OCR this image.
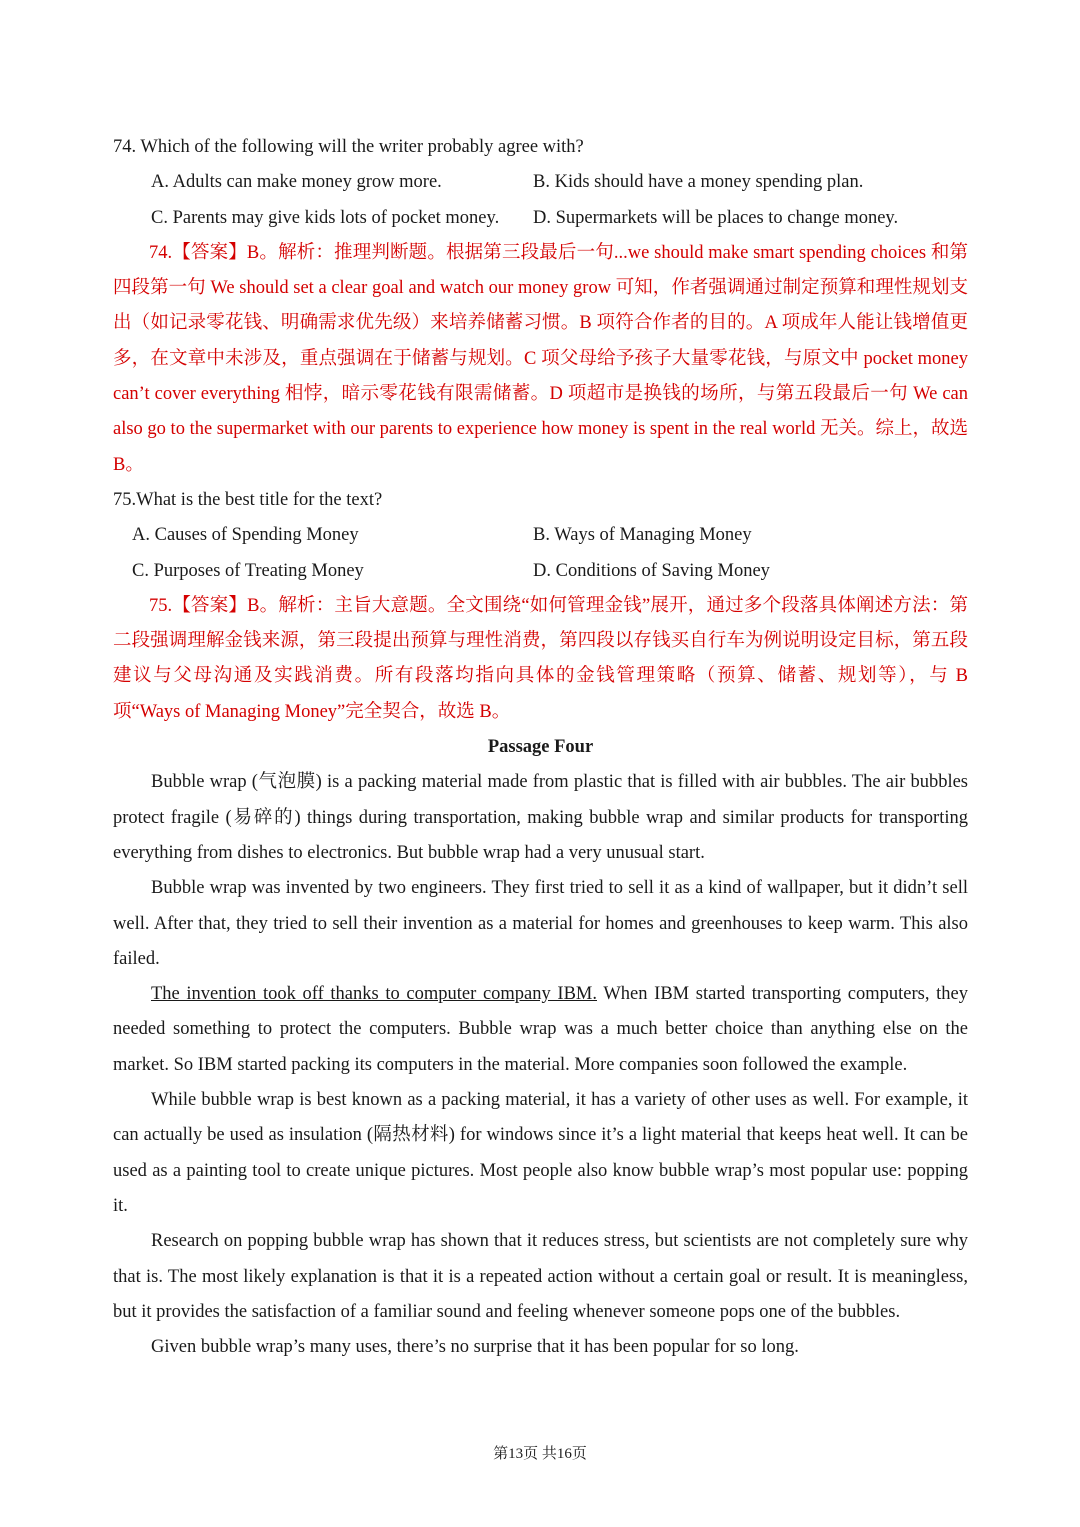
74. Which of the following will the writer probably agree with?
A. Adults can make money grow more.	B. Kids should have a money spending plan.
C. Parents may give kids lots of pocket money.	D. Supermarkets will be places to change money.
74.【答案】B。解析：推理判断题。根据第三段最后一句...we should make smart spending choices 和第四段第一句 We should set a clear goal and watch our money grow 可知，作者强调通过制定预算和理性规划支出（如记录零花钱、明确需求优先级）来培养储蓄习惯。B 项符合作者的目的。A 项成年人能让钱增值更多，在文章中未涉及，重点强调在于储蓄与规划。C 项父母给予孩子大量零花钱，与原文中 pocket money can’t cover everything 相悖，暗示零花钱有限需储蓄。D 项超市是换钱的场所，与第五段最后一句 We can also go to the supermarket with our parents to experience how money is spent in the real world 无关。综上，故选 B。
75.What is the best title for the text?
A. Causes of Spending Money	B. Ways of Managing Money
C. Purposes of Treating Money	D. Conditions of Saving Money
75.【答案】B。解析：主旨大意题。全文围绕“如何管理金钱”展开，通过多个段落具体阐述方法：第二段强调理解金钱来源，第三段提出预算与理性消费，第四段以存钱买自行车为例说明设定目标，第五段建议与父母沟通及实践消费。所有段落均指向具体的金钱管理策略（预算、储蓄、规划等），与 B 项“Ways of Managing Money”完全契合，故选 B。
Passage Four
Bubble wrap (气泡膜) is a packing material made from plastic that is filled with air bubbles. The air bubbles protect fragile (易碎的) things during transportation, making bubble wrap and similar products for transporting everything from dishes to electronics. But bubble wrap had a very unusual start.
Bubble wrap was invented by two engineers. They first tried to sell it as a kind of wallpaper, but it didn’t sell well. After that, they tried to sell their invention as a material for homes and greenhouses to keep warm. This also failed.
The invention took off thanks to computer company IBM. When IBM started transporting computers, they needed something to protect the computers. Bubble wrap was a much better choice than anything else on the market. So IBM started packing its computers in the material. More companies soon followed the example.
While bubble wrap is best known as a packing material, it has a variety of other uses as well. For example, it can actually be used as insulation (隔热材料) for windows since it’s a light material that keeps heat well. It can be used as a painting tool to create unique pictures. Most people also know bubble wrap’s most popular use: popping it.
Research on popping bubble wrap has shown that it reduces stress, but scientists are not completely sure why that is. The most likely explanation is that it is a repeated action without a certain goal or result. It is meaningless, but it provides the satisfaction of a familiar sound and feeling whenever someone pops one of the bubbles.
Given bubble wrap’s many uses, there’s no surprise that it has been popular for so long.
第13页 共16页
